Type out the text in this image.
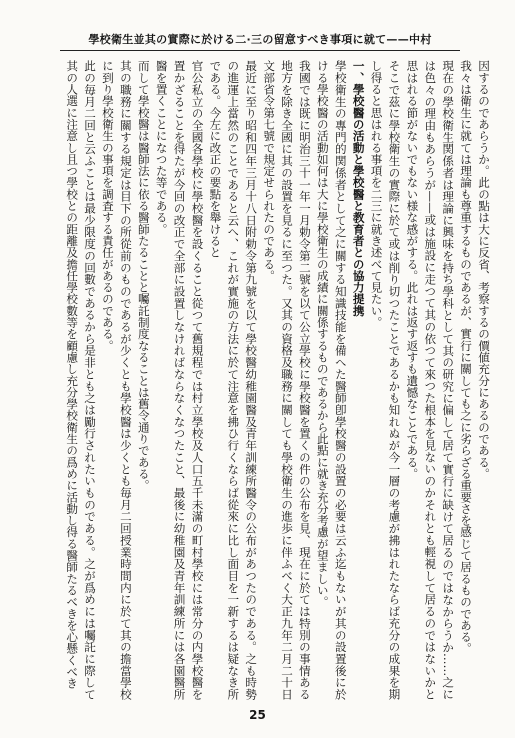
學校衛生並其の實際に於ける二·三の留意すべき事項に就て——中村

因するのであらうか。此の點は大に反省、考察するの價値充分にあるのである。

我々は衛生に就ては理論も尊重するものであるが、實行に關しても之に劣らざる重要さを感じて居るものである。

現在の學校衛生関係者は理論に興味を持ち學科として其の研究に偏して居て實行に缺けて居るのではなからうか……之には色々の理由もあらうが——或は施設に走つて其の依つて來つた根本を見ないのかそれとも輕視して居るのではないかと思はれる節がないでもない様な感がする。此れは返す返すも遺憾なことである。

そこで茲に學校衛生の實際に於て或は削り切つたことであるかも知れぬが今一層の考慮が拂はれたならば充分の成果を期し得ると思はれる事項を二三に就き述べて見たい。

一、學校醫の活動と學校醫と教育者との協力提携

學校衛生の專門的関係者として之に關する知識技能を備へた醫師卽學校醫の設置の必要は云ふ迄もないが其の設置後に於ける學校醫の活動如何は大に學校衛生の成績に關係するものであるから此點に就き充分考慮が望ましい。

我國では既に明治三十一年一月勅令第二號を以て公立學校に學校醫を置くの件の公布を見、現在に於ては特別の事情ある地方を除き全國に其の設置を見るに至つた。又其の資格及職務に關しても學校衛生の進歩に伴ふべく大正九年二月二十日文部省令第七號で規定せられたのである。

最近に至り昭和四年三月十八日附勅令第九號を以て學校醫幼稚園醫及青年訓練所醫令の公布があつたのである。之も時勢の進運上當然のことであると云へ、これが實施の方法に於て注意を拂ひ行くならば從來に比し面目を一新するは疑なき所である。今左に改正の要點を舉けると

官公私立の全國各學校に學校醫を設くること從つて舊規程では村立學校及人口五千未滿の町村學校には常分の内學校醫を置かざることを得たが今回の改正で全部に設置しなければならなくなつたこと、最後に幼稚園及青年訓練所には各園醫所醫を置くことになつた等である。

而して學校醫は醫師法に依る醫師たることと囑託制度なることは舊令通りである。

其の職務に關する規定は目下の所從前のものであるが少くとも學校醫は少くとも毎月二回授業時間内に於て其の擔當學校に到り學校衛生の事項を調査する責任があるのである。

此の毎月二回と云ふことは最少限度の回數であるから是非とも之は勵行されたいものである。之が爲めには囑託に際して其の人選に注意し且つ學校との距離及擔任學校數等を顧慮し充分學校衛生の爲めに活動し得る醫師たるべきを心懸くべき

25
